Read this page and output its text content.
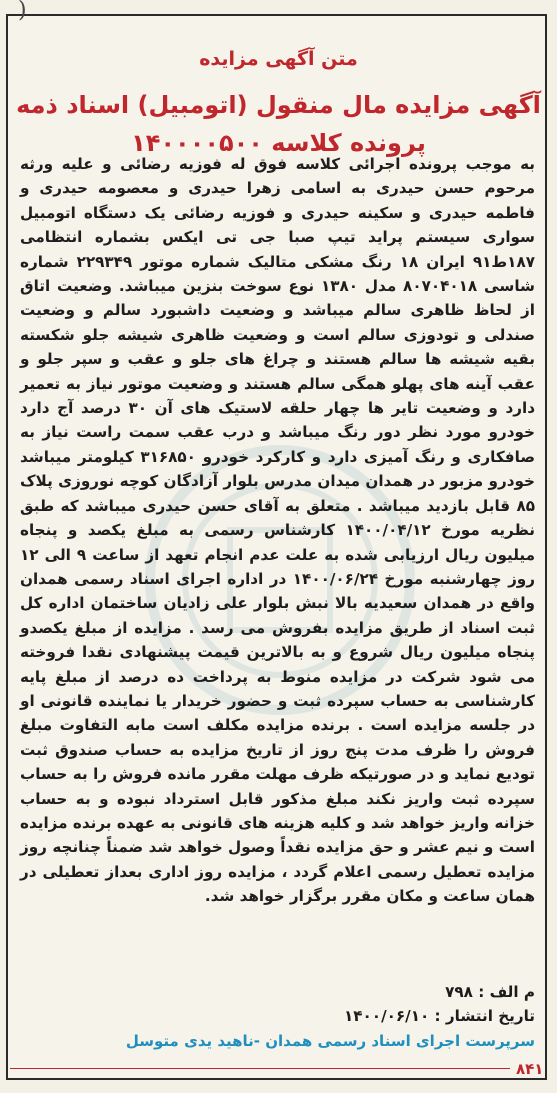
)
متن آگهی مزایده
آگهی مزایده مال منقول (اتومبیل) اسناد ذمه
پرونده کلاسه ۱۴۰۰۰۰۵۰۰
به موجب پرونده اجرائی کلاسه فوق له فوزیه رضائی و علیه ورثه مرحوم حسن حیدری به اسامی زهرا حیدری و معصومه حیدری و فاطمه حیدری و سکینه حیدری و فوزیه رضائی یک دستگاه اتومبیل سواری سیستم پراید تیپ صبا جی تی ایکس بشماره انتظامی ۱۸۷ط۹۱ ایران ۱۸ رنگ مشکی متالیک شماره موتور ۲۲۹۳۴۹ شماره شاسی ۸۰۷۰۴۰۱۸ مدل ۱۳۸۰ نوع سوخت بنزین میباشد. وضعیت اتاق از لحاظ ظاهری سالم میباشد و وضعیت داشبورد سالم و وضعیت صندلی و تودوزی سالم است و وضعیت ظاهری شیشه جلو شکسته بقیه شیشه ها سالم هستند و چراغ های جلو و عقب و سپر جلو و عقب آینه های پهلو همگی سالم هستند و وضعیت موتور نیاز به تعمیر دارد و وضعیت تایر ها چهار حلقه لاستیک های آن ۳۰ درصد آج دارد خودرو مورد نظر دور رنگ میباشد و درب عقب سمت راست نیاز به صافکاری و رنگ آمیزی دارد و کارکرد خودرو ۳۱۶۸۵۰ کیلومتر میباشد خودرو مزبور در همدان میدان مدرس بلوار آزادگان کوچه نوروزی پلاک ۸۵ قابل بازدید میباشد . متعلق به آقای حسن حیدری میباشد که طبق نظریه مورخ ۱۴۰۰/۰۴/۱۲ کارشناس رسمی به مبلغ یکصد و پنجاه میلیون ریال ارزیابی شده به علت عدم انجام تعهد از ساعت ۹ الی ۱۲ روز چهارشنبه مورخ ۱۴۰۰/۰۶/۲۴ در اداره اجرای اسناد رسمی همدان واقع در همدان سعیدیه بالا نبش بلوار علی زادیان ساختمان اداره کل ثبت اسناد از طریق مزایده بفروش می رسد . مزایده از مبلغ یکصدو پنجاه میلیون ریال شروع و به بالاترین قیمت پیشنهادی نقدا فروخته می شود شرکت در مزایده منوط به پرداخت ده درصد از مبلغ پایه کارشناسی به حساب سپرده ثبت و حضور خریدار یا نماینده قانونی او در جلسه مزایده است . برنده مزایده مکلف است مابه التفاوت مبلغ فروش را ظرف مدت پنج روز از تاریخ مزایده به حساب صندوق ثبت توديع نماید و در صورتیکه ظرف مهلت مقرر مانده فروش را به حساب سپرده ثبت واریز نکند مبلغ مذکور قابل استرداد نبوده و به حساب خزانه واریز خواهد شد و کلیه هزینه های قانونی به عهده برنده مزایده است و نیم عشر و حق مزایده نقداً وصول خواهد شد ضمناً چنانچه روز مزایده تعطیل رسمی اعلام گردد ، مزایده روز اداری بعداز تعطیلی در همان ساعت و مکان مقرر برگزار خواهد شد.
م الف : ۷۹۸
تاریخ انتشار : ۱۴۰۰/۰۶/۱۰
سرپرست اجرای اسناد رسمی همدان -ناهید یدی متوسل
۸۴۱
